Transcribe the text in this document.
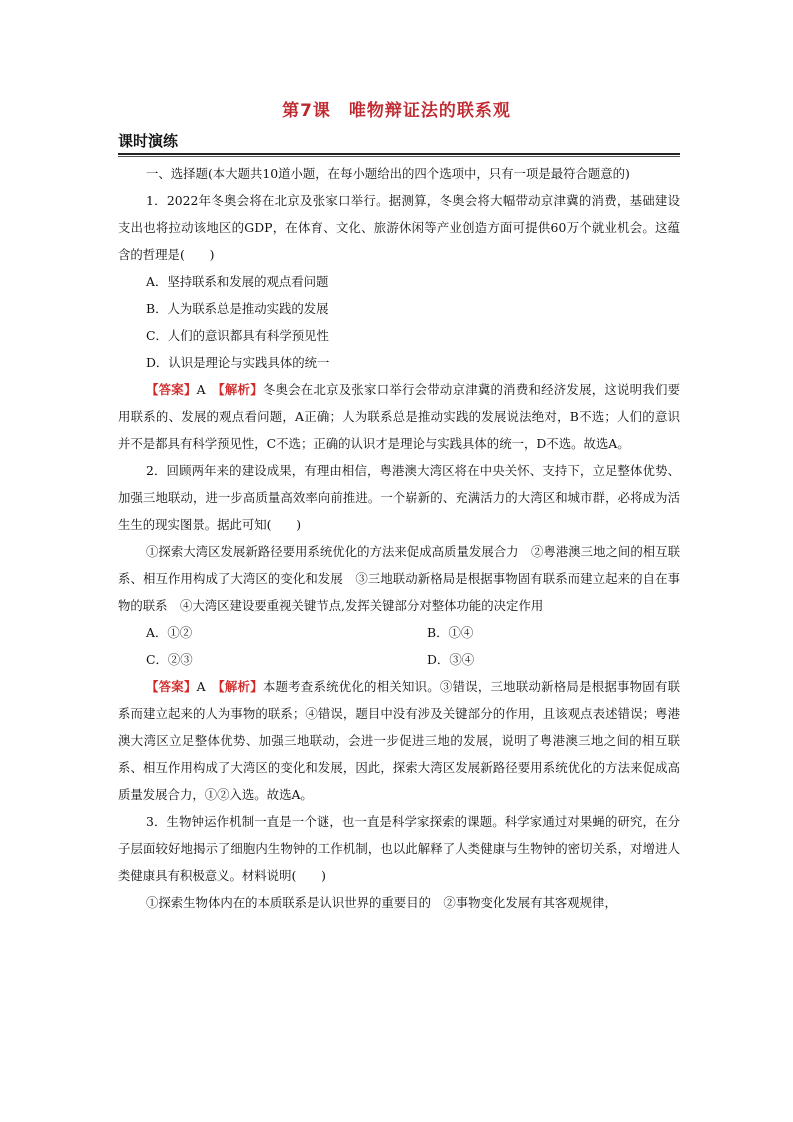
第7课　唯物辩证法的联系观
课时演练

一、选择题(本大题共10道小题，在每小题给出的四个选项中，只有一项是最符合题意的)

1．2022年冬奥会将在北京及张家口举行。据测算，冬奥会将大幅带动京津冀的消费，基础建设支出也将拉动该地区的GDP，在体育、文化、旅游休闲等产业创造方面可提供60万个就业机会。这蕴含的哲理是(　　)

A．坚持联系和发展的观点看问题

B．人为联系总是推动实践的发展

C．人们的意识都具有科学预见性

D．认识是理论与实践具体的统一

【答案】A　【解析】冬奥会在北京及张家口举行会带动京津冀的消费和经济发展，这说明我们要用联系的、发展的观点看问题，A正确；人为联系总是推动实践的发展说法绝对，B不选；人们的意识并不是都具有科学预见性，C不选；正确的认识才是理论与实践具体的统一，D不选。故选A。

2．回顾两年来的建设成果，有理由相信，粤港澳大湾区将在中央关怀、支持下，立足整体优势、加强三地联动，进一步高质量高效率向前推进。一个崭新的、充满活力的大湾区和城市群，必将成为活生生的现实图景。据此可知(　　)

①探索大湾区发展新路径要用系统优化的方法来促成高质量发展合力　②粤港澳三地之间的相互联系、相互作用构成了大湾区的变化和发展　③三地联动新格局是根据事物固有联系而建立起来的自在事物的联系　④大湾区建设要重视关键节点,发挥关键部分对整体功能的决定作用

A．①②	B．①④
C．②③	D．③④

【答案】A　【解析】本题考查系统优化的相关知识。③错误，三地联动新格局是根据事物固有联系而建立起来的人为事物的联系；④错误，题目中没有涉及关键部分的作用，且该观点表述错误；粤港澳大湾区立足整体优势、加强三地联动，会进一步促进三地的发展，说明了粤港澳三地之间的相互联系、相互作用构成了大湾区的变化和发展，因此，探索大湾区发展新路径要用系统优化的方法来促成高质量发展合力，①②入选。故选A。

3．生物钟运作机制一直是一个谜，也一直是科学家探索的课题。科学家通过对果蝇的研究，在分子层面较好地揭示了细胞内生物钟的工作机制，也以此解释了人类健康与生物钟的密切关系，对增进人类健康具有积极意义。材料说明(　　)

①探索生物体内在的本质联系是认识世界的重要目的　②事物变化发展有其客观规律，
